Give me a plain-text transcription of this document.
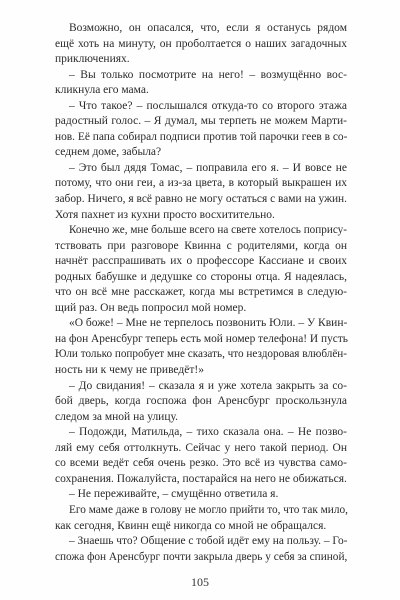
Возможно, он опасался, что, если я останусь рядом
ещё хоть на минуту, он проболтается о наших загадочных
приключениях.
– Вы только посмотрите на него! – возмущённо вос-
кликнула его мама.
– Что такое? – послышался откуда-то со второго этажа
радостный голос. – Я думал, мы терпеть не можем Марти-
нов. Её папа собирал подписи против той парочки геев в со-
седнем доме, забыла?
– Это был дядя Томас, – поправила его я. – И вовсе не
потому, что они геи, а из-за цвета, в который выкрашен их
забор. Ничего, я всё равно не могу остаться с вами на ужин.
Хотя пахнет из кухни просто восхитительно.
Конечно же, мне больше всего на свете хотелось попрису-
тствовать при разговоре Квинна с родителями, когда он
начнёт расспрашивать их о профессоре Кассиане и своих
родных бабушке и дедушке со стороны отца. Я надеялась,
что он всё мне расскажет, когда мы встретимся в следую-
щий раз. Он ведь попросил мой номер.
«О боже! – Мне не терпелось позвонить Юли. – У Квин-
на фон Аренсбург теперь есть мой номер телефона! И пусть
Юли только попробует мне сказать, что нездоровая влюблён-
ность ни к чему не приведёт!»
– До свидания! – сказала я и уже хотела закрыть за со-
бой дверь, когда госпожа фон Аренсбург проскользнула
следом за мной на улицу.
– Подожди, Матильда, – тихо сказала она. – Не позво-
ляй ему себя оттолкнуть. Сейчас у него такой период. Он
со всеми ведёт себя очень резко. Это всё из чувства само-
сохранения. Пожалуйста, постарайся на него не обижаться.
– Не переживайте, – смущённо ответила я.
Его маме даже в голову не могло прийти то, что так мило,
как сегодня, Квинн ещё никогда со мной не обращался.
– Знаешь что? Общение с тобой идёт ему на пользу. – Го-
спожа фон Аренсбург почти закрыла дверь у себя за спиной,
105
